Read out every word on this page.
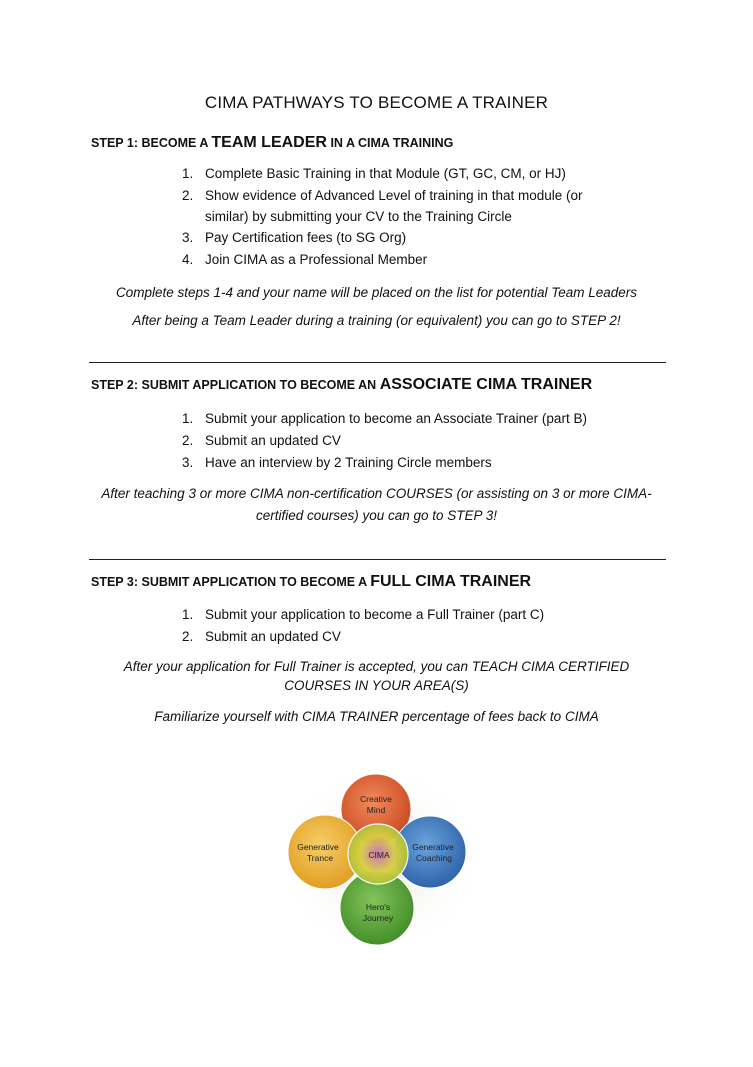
CIMA PATHWAYS TO BECOME A TRAINER
STEP 1: BECOME A TEAM LEADER IN A CIMA TRAINING
1. Complete Basic Training in that Module (GT, GC, CM, or HJ)
2. Show evidence of Advanced Level of training in that module (or similar) by submitting your CV to the Training Circle
3. Pay Certification fees (to SG Org)
4. Join CIMA as a Professional Member
Complete steps 1-4 and your name will be placed on the list for potential Team Leaders
After being a Team Leader during a training (or equivalent) you can go to STEP 2!
STEP 2: SUBMIT APPLICATION TO BECOME AN ASSOCIATE CIMA TRAINER
1. Submit your application to become an Associate Trainer (part B)
2. Submit an updated CV
3. Have an interview by 2 Training Circle members
After teaching 3 or more CIMA non-certification COURSES (or assisting on 3 or more CIMA-certified courses) you can go to STEP 3!
STEP 3: SUBMIT APPLICATION TO BECOME A FULL CIMA TRAINER
1. Submit your application to become a Full Trainer (part C)
2. Submit an updated CV
After your application for Full Trainer is accepted, you can TEACH CIMA CERTIFIED COURSES IN YOUR AREA(S)
Familiarize yourself with CIMA TRAINER percentage of fees back to CIMA
Creative
Mind
Generative
Trance
Generative
Coaching
CIMA
Hero's
Journey
